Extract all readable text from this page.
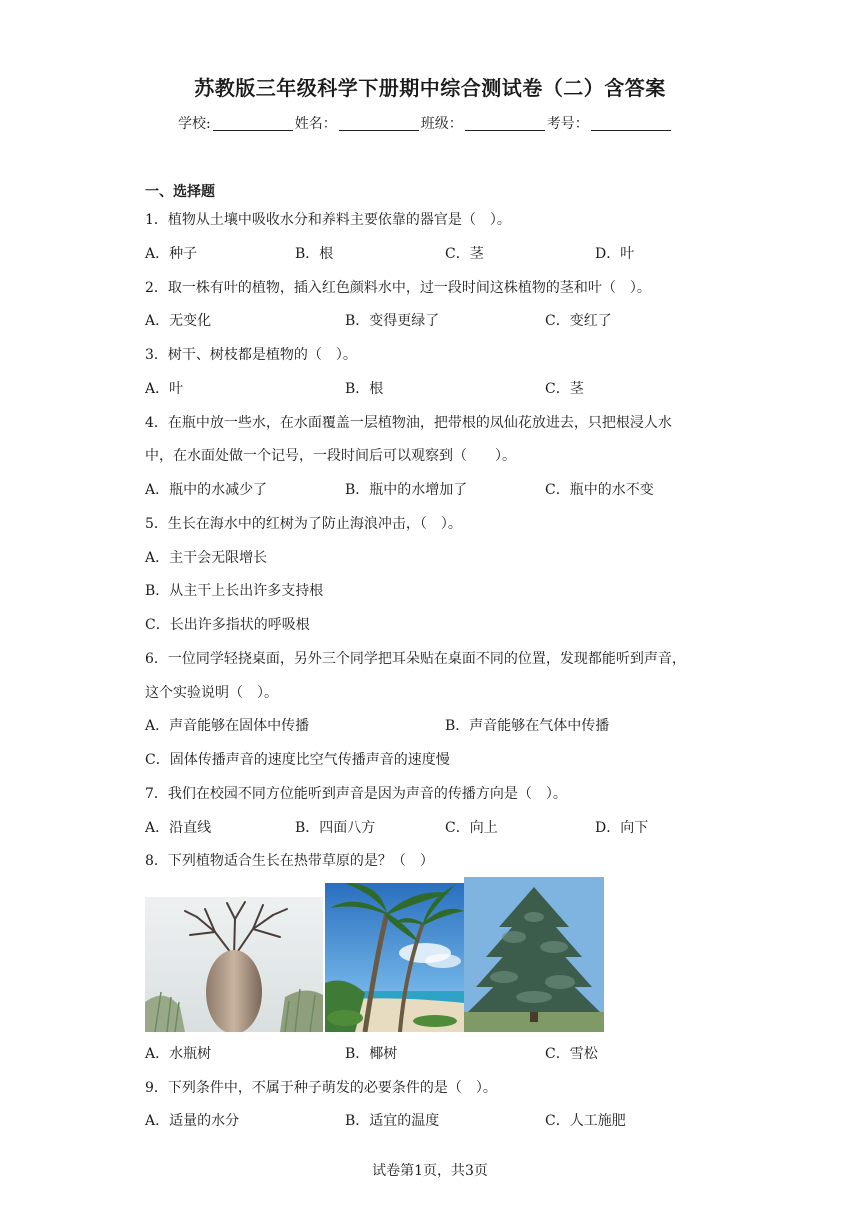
苏教版三年级科学下册期中综合测试卷（二）含答案
学校:	姓名：	班级：	考号：
一、选择题
1．植物从土壤中吸收水分和养料主要依靠的器官是（　）。
A．种子	B．根	C．茎	D．叶
2．取一株有叶的植物，插入红色颜料水中，过一段时间这株植物的茎和叶（　）。
A．无变化	B．变得更绿了	C．变红了
3．树干、树枝都是植物的（　）。
A．叶	B．根	C．茎
4．在瓶中放一些水，在水面覆盖一层植物油，把带根的凤仙花放进去，只把根浸人水
中，在水面处做一个记号，一段时间后可以观察到（　　）。
A．瓶中的水减少了	B．瓶中的水增加了	C．瓶中的水不变
5．生长在海水中的红树为了防止海浪冲击，（　）。
A．主干会无限增长
B．从主干上长出许多支持根
C．长出许多指状的呼吸根
6．一位同学轻挠桌面，另外三个同学把耳朵贴在桌面不同的位置，发现都能听到声音，
这个实验说明（　）。
A．声音能够在固体中传播	B．声音能够在气体中传播
C．固体传播声音的速度比空气传播声音的速度慢
7．我们在校园不同方位能听到声音是因为声音的传播方向是（　）。
A．沿直线	B．四面八方	C．向上	D．向下
8．下列植物适合生长在热带草原的是？（　）
A．水瓶树	B．椰树	C．雪松
9．下列条件中，不属于种子萌发的必要条件的是（　）。
A．适量的水分	B．适宜的温度	C．人工施肥
试卷第1页，共3页
